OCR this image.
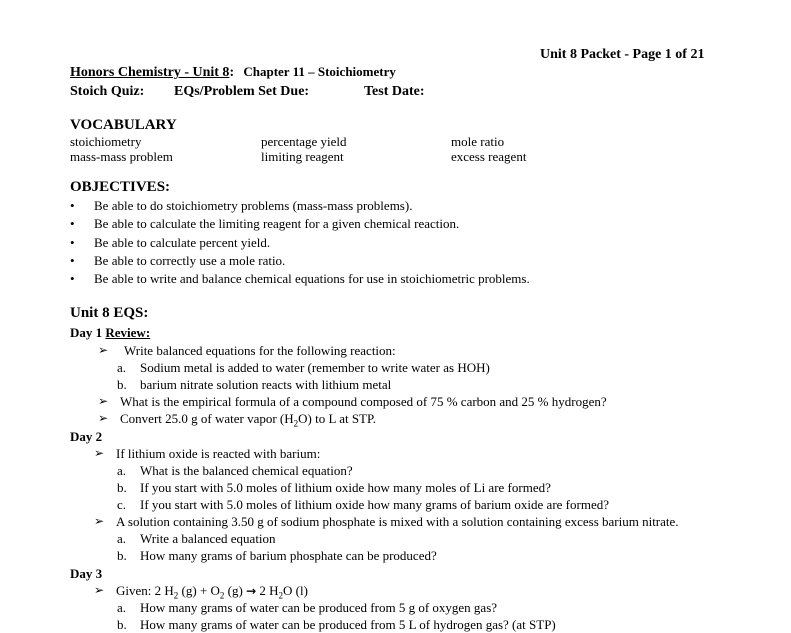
Unit 8 Packet - Page 1 of 21
Honors Chemistry - Unit 8: Chapter 11 – Stoichiometry
Stoich Quiz: EQs/Problem Set Due:	Test Date:
VOCABULARY
stoichiometry	percentage yield	mole ratio
mass-mass problem	limiting reagent	excess reagent
OBJECTIVES:
• Be able to do stoichiometry problems (mass-mass problems).
• Be able to calculate the limiting reagent for a given chemical reaction.
• Be able to calculate percent yield.
• Be able to correctly use a mole ratio.
• Be able to write and balance chemical equations for use in stoichiometric problems.
Unit 8 EQS:
Day 1 Review:
➢ Write balanced equations for the following reaction:
a. Sodium metal is added to water (remember to write water as HOH)
b. barium nitrate solution reacts with lithium metal
➢ What is the empirical formula of a compound composed of 75 % carbon and 25 % hydrogen?
➢ Convert 25.0 g of water vapor $(H_2O)$ to L at STP.
Day 2
➢ If lithium oxide is reacted with barium:
a. What is the balanced chemical equation?
b. If you start with 5.0 moles of lithium oxide how many moles of Li are formed?
c. If you start with 5.0 moles of lithium oxide how many grams of barium oxide are formed?
➢ A solution containing 3.50 g of sodium phosphate is mixed with a solution containing excess barium nitrate.
a. Write a balanced equation
b. How many grams of barium phosphate can be produced?
Day 3
➢ Given: 2 $H_2$ $(g) + O_2$ (g) → 2 $H_2O$ (l)
a. How many grams of water can be produced from 5 g of oxygen gas?
b. How many grams of water can be produced from 5 L of hydrogen gas? (at STP)
